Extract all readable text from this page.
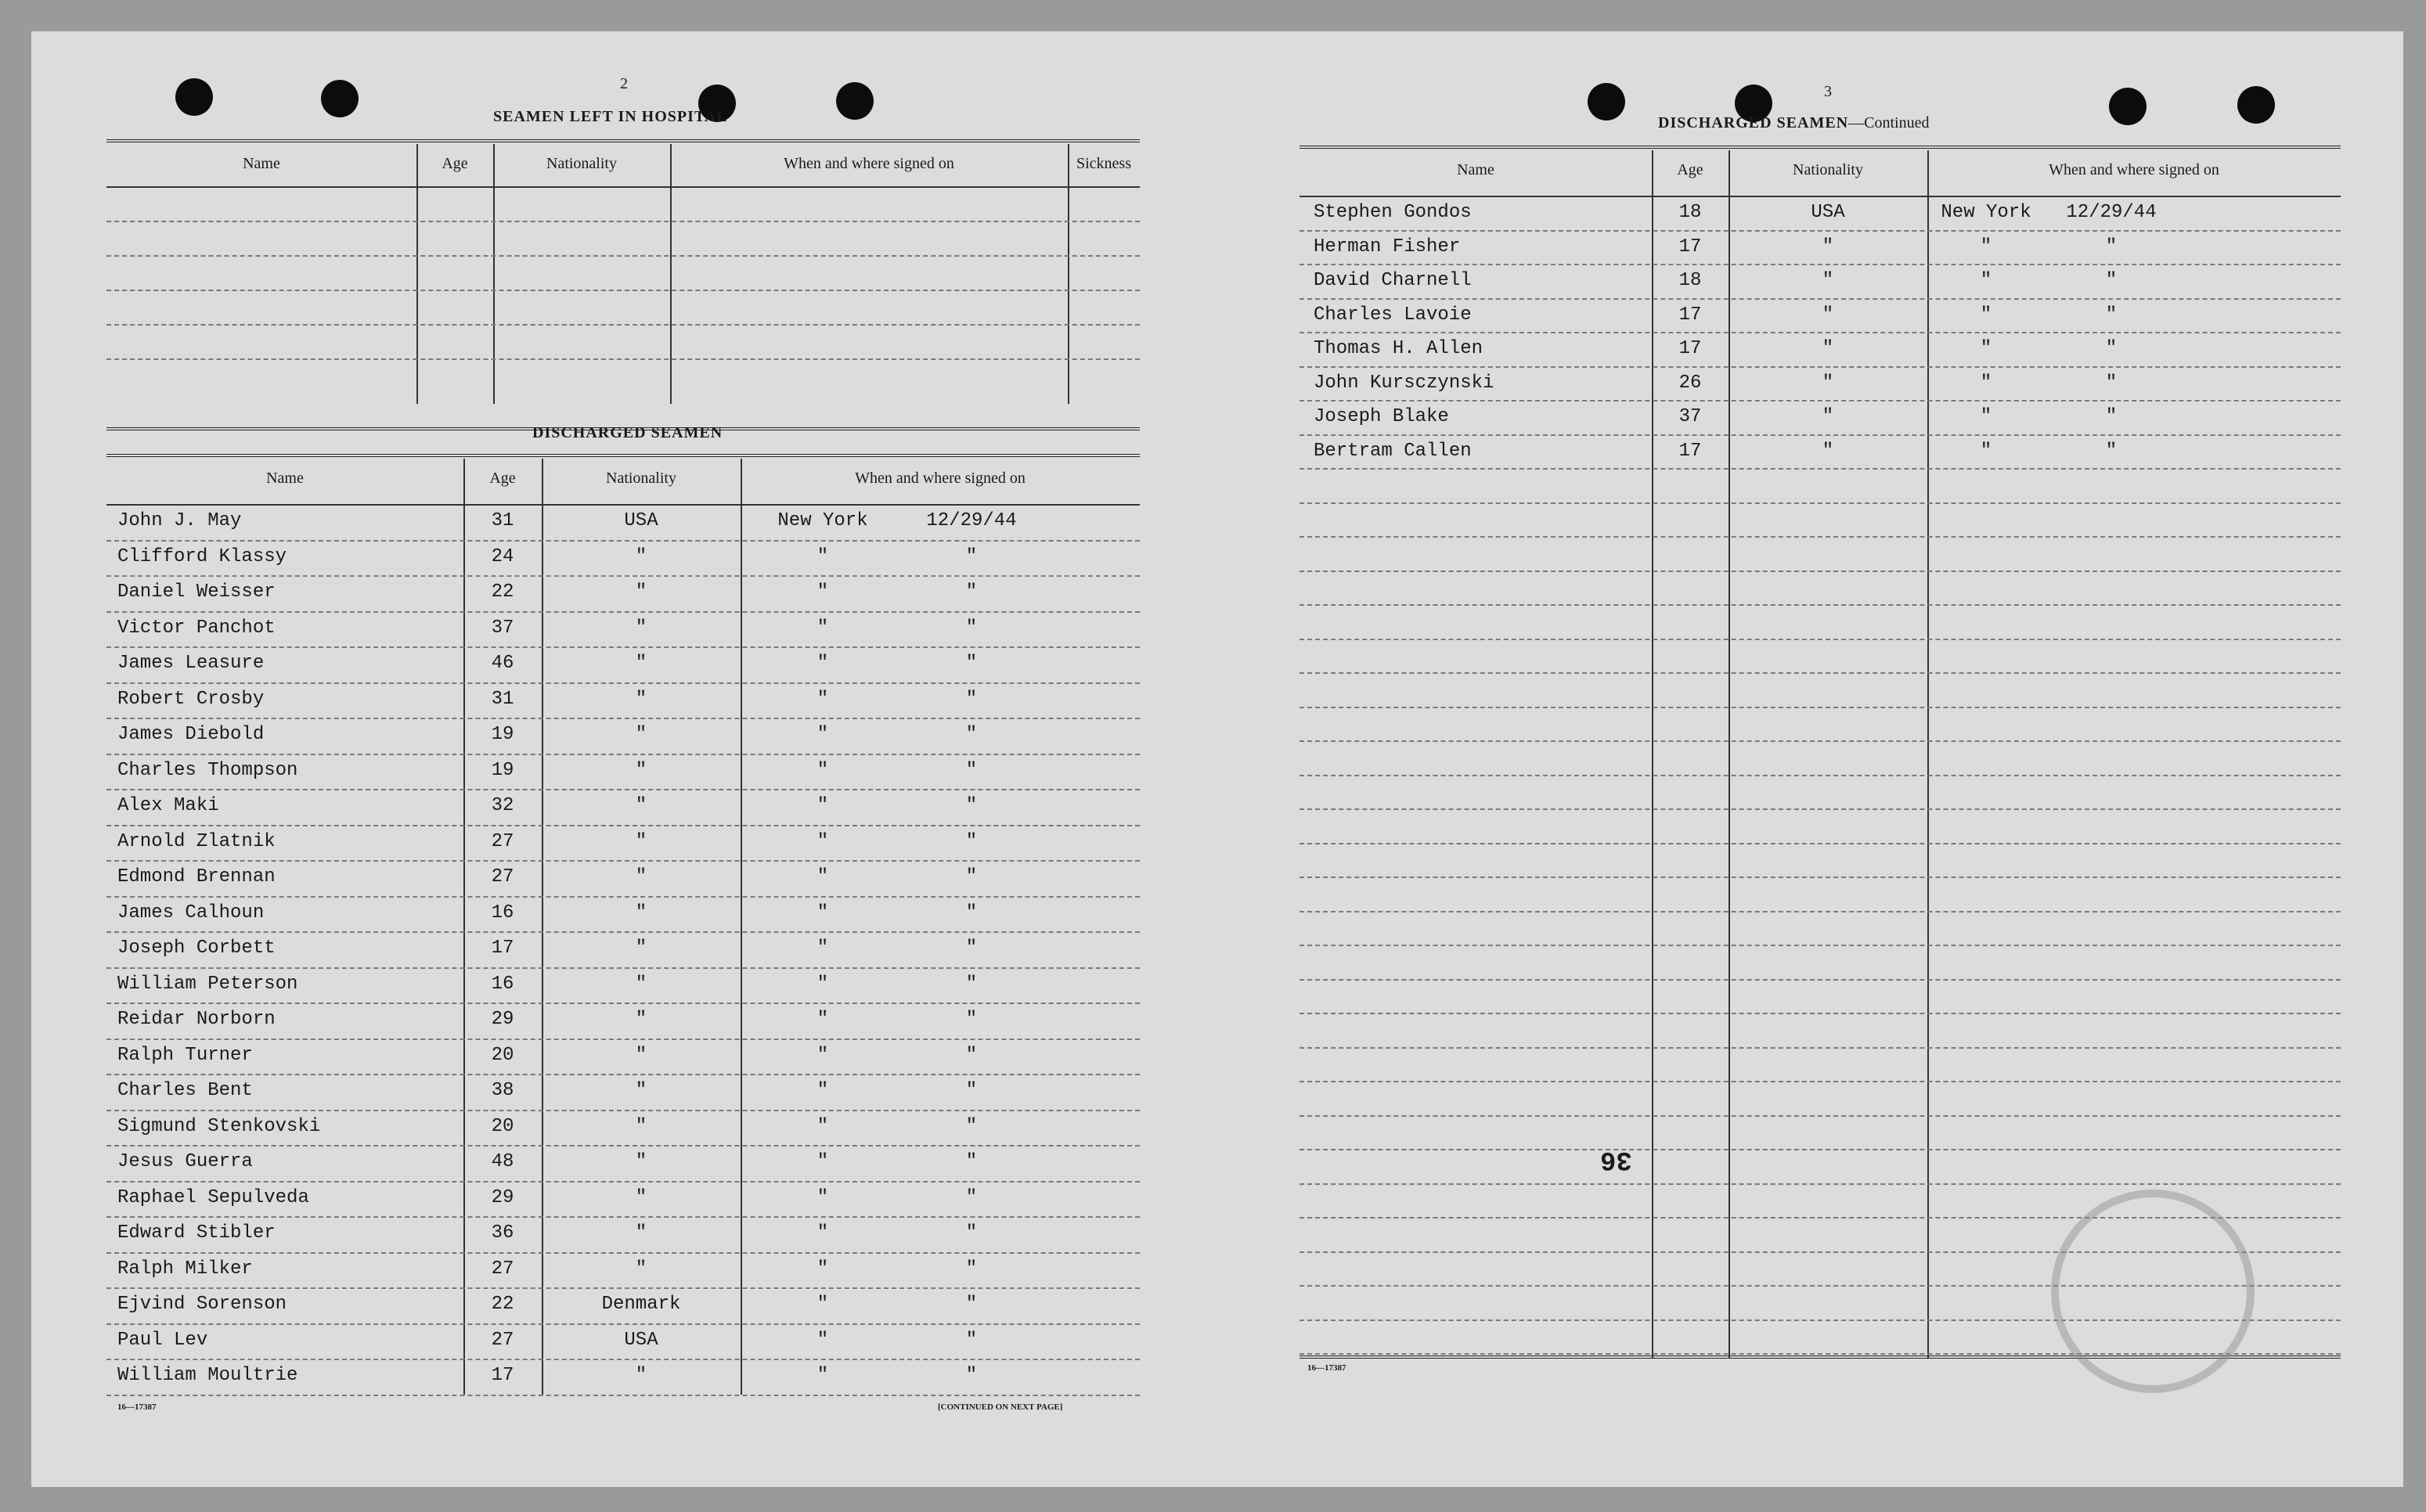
2
SEAMEN LEFT IN HOSPITAL
Name	Age	Nationality	When and where signed on	Sickness
DISCHARGED SEAMEN
Name	Age	Nationality	When and where signed on
John J. May	31	USA	New York	12/29/44
Clifford Klassy	24	"	"	"
Daniel Weisser	22	"	"	"
Victor Panchot	37	"	"	"
James Leasure	46	"	"	"
Robert Crosby	31	"	"	"
James Diebold	19	"	"	"
Charles Thompson	19	"	"	"
Alex Maki	32	"	"	"
Arnold Zlatnik	27	"	"	"
Edmond Brennan	27	"	"	"
James Calhoun	16	"	"	"
Joseph Corbett	17	"	"	"
William Peterson	16	"	"	"
Reidar Norborn	29	"	"	"
Ralph Turner	20	"	"	"
Charles Bent	38	"	"	"
Sigmund Stenkovski	20	"	"	"
Jesus Guerra	48	"	"	"
Raphael Sepulveda	29	"	"	"
Edward Stibler	36	"	"	"
Ralph Milker	27	"	"	"
Ejvind Sorenson	22	Denmark	"	"
Paul Lev	27	USA	"	"
William Moultrie	17	"	"	"
16—17387	[CONTINUED ON NEXT PAGE]
3
DISCHARGED SEAMEN—Continued
Name	Age	Nationality	When and where signed on
Stephen Gondos	18	USA	New York	12/29/44
Herman Fisher	17	"	"	"
David Charnell	18	"	"	"
Charles Lavoie	17	"	"	"
Thomas H. Allen	17	"	"	"
John Kursczynski	26	"	"	"
Joseph Blake	37	"	"	"
Bertram Callen	17	"	"	"
36
16—17387
